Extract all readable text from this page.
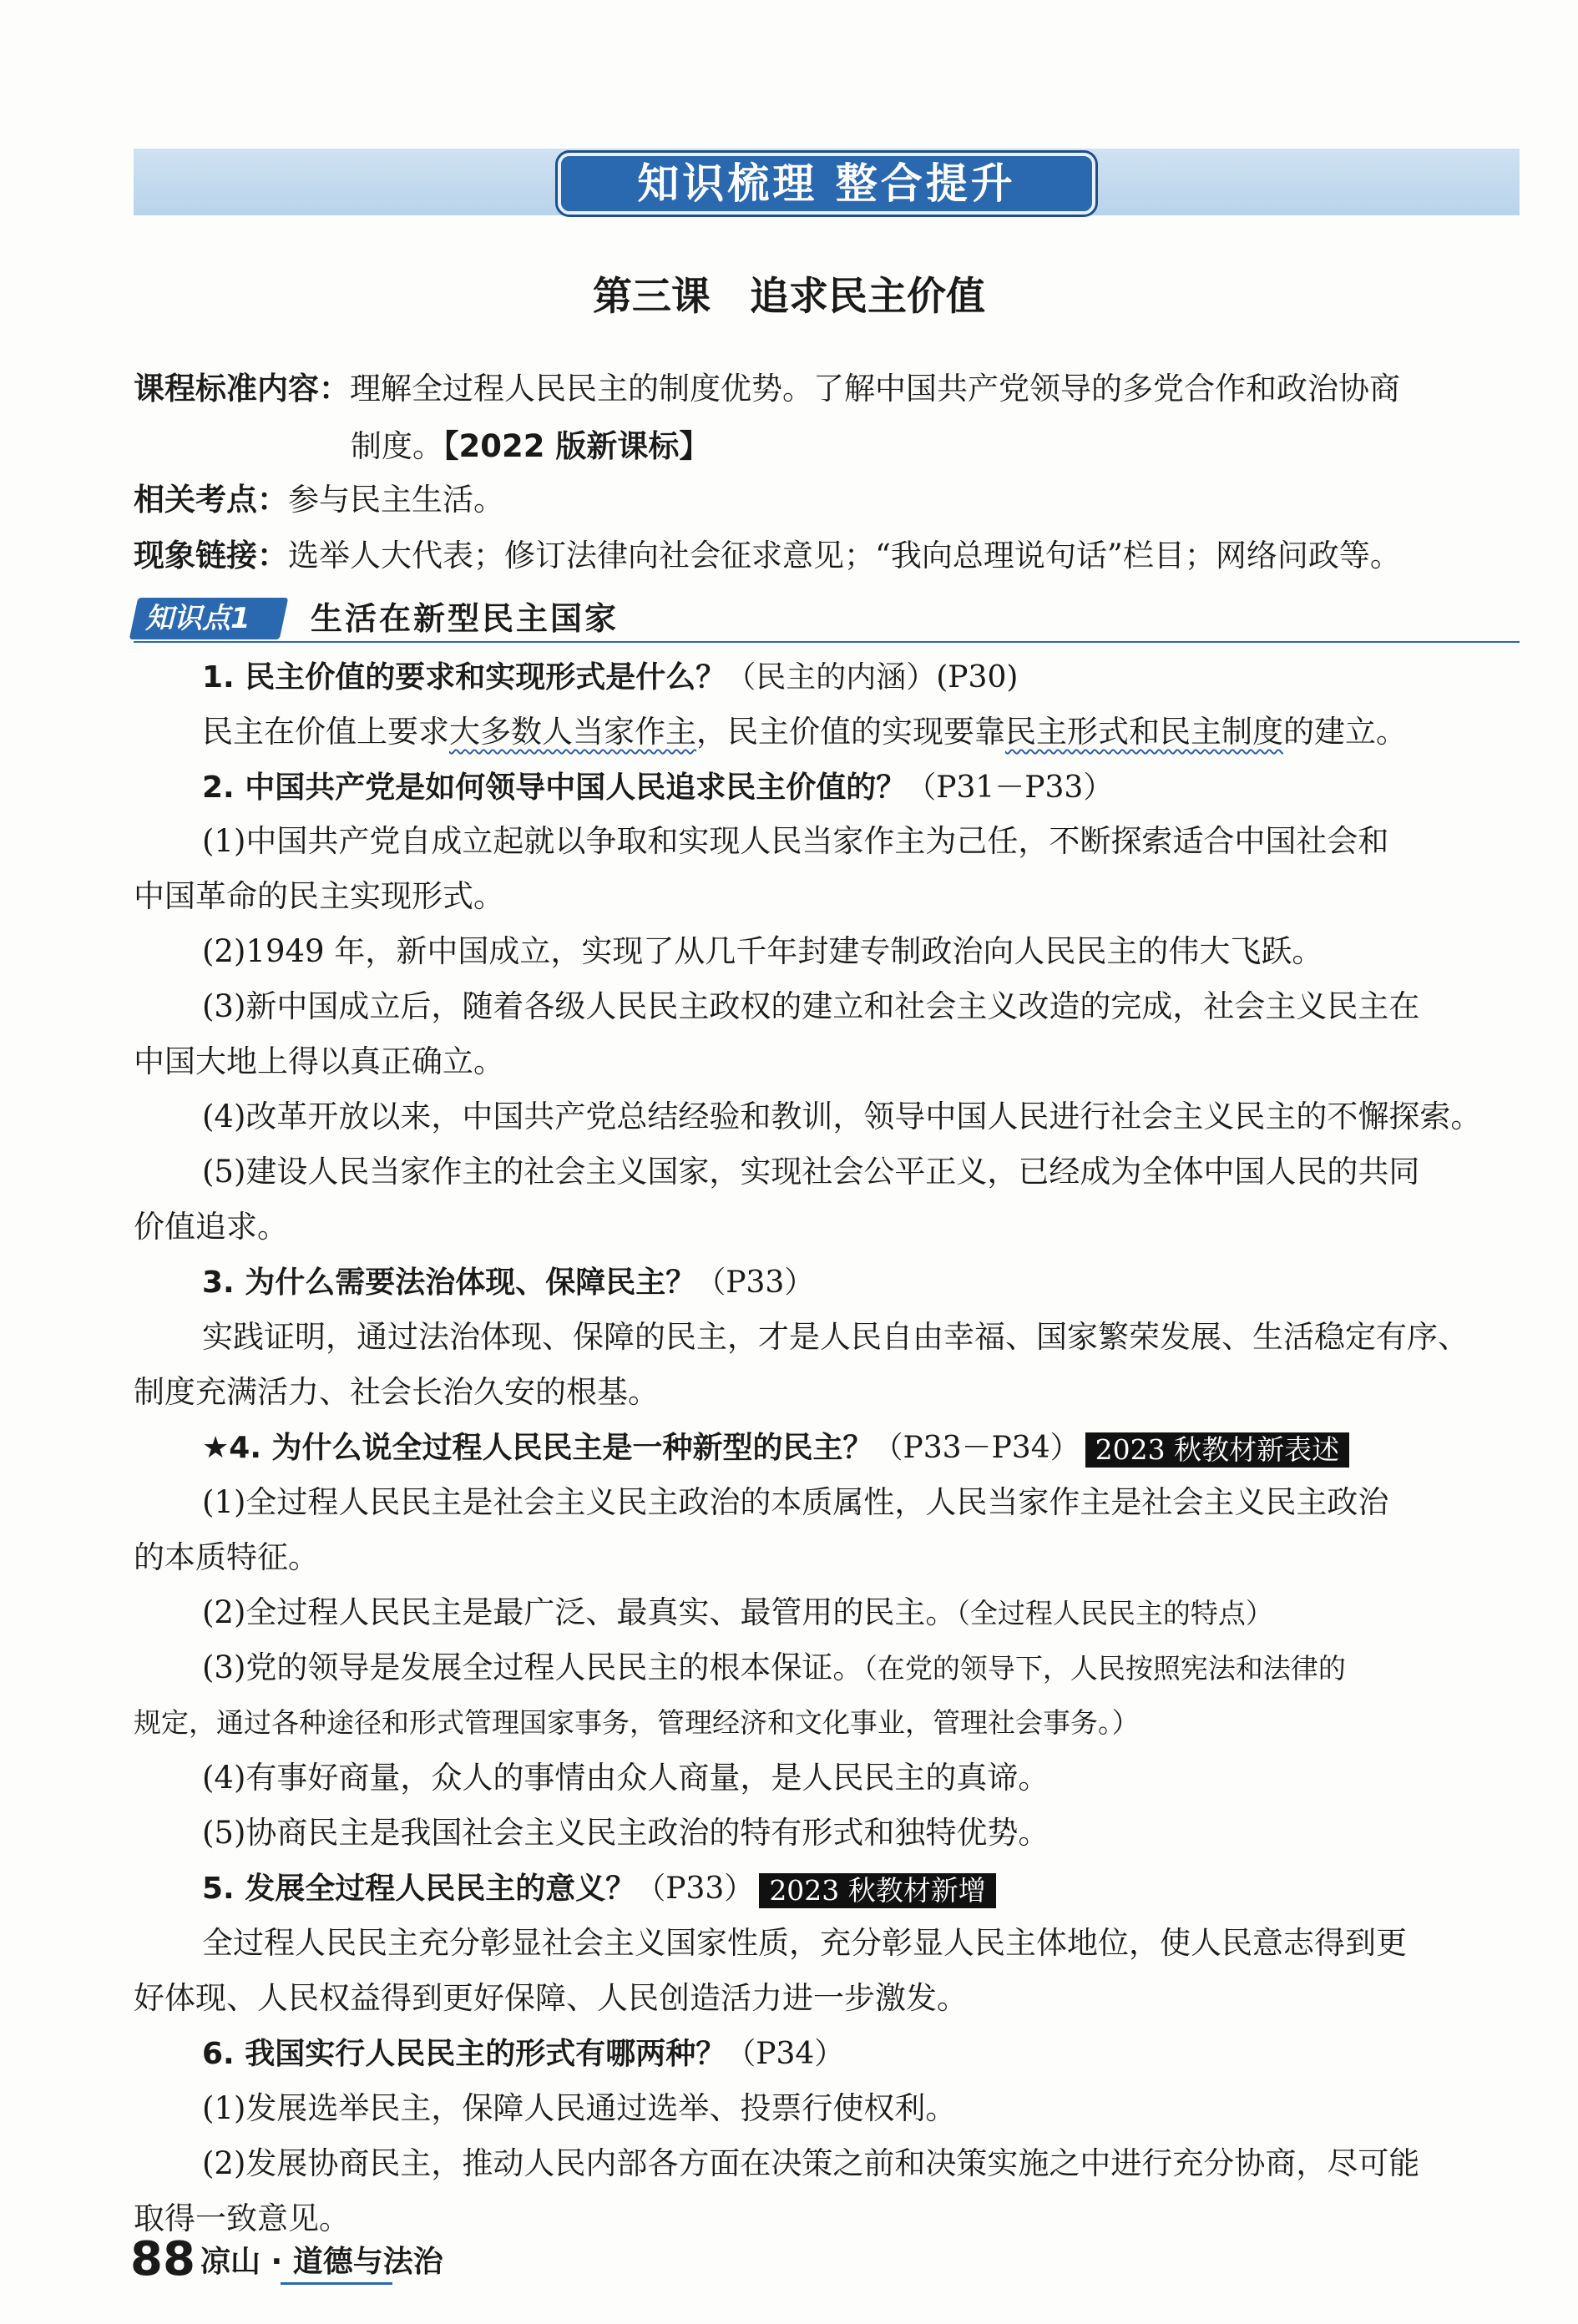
知识梳理 整合提升
第三课　追求民主价值
课程标准内容：理解全过程人民民主的制度优势。了解中国共产党领导的多党合作和政治协商
制度。【2022 版新课标】
相关考点：参与民主生活。
现象链接：选举人大代表；修订法律向社会征求意见；“我向总理说句话”栏目；网络问政等。
知识点1	生活在新型民主国家
1. 民主价值的要求和实现形式是什么？（民主的内涵）(P30)
民主在价值上要求大多数人当家作主，民主价值的实现要靠民主形式和民主制度的建立。
2. 中国共产党是如何领导中国人民追求民主价值的？（P31－P33）
(1)中国共产党自成立起就以争取和实现人民当家作主为己任，不断探索适合中国社会和
中国革命的民主实现形式。
(2)1949 年，新中国成立，实现了从几千年封建专制政治向人民民主的伟大飞跃。
(3)新中国成立后，随着各级人民民主政权的建立和社会主义改造的完成，社会主义民主在
中国大地上得以真正确立。
(4)改革开放以来，中国共产党总结经验和教训，领导中国人民进行社会主义民主的不懈探索。
(5)建设人民当家作主的社会主义国家，实现社会公平正义，已经成为全体中国人民的共同
价值追求。
3. 为什么需要法治体现、保障民主？（P33）
实践证明，通过法治体现、保障的民主，才是人民自由幸福、国家繁荣发展、生活稳定有序、
制度充满活力、社会长治久安的根基。
★4. 为什么说全过程人民民主是一种新型的民主？（P33－P34） 2023 秋教材新表述
(1)全过程人民民主是社会主义民主政治的本质属性，人民当家作主是社会主义民主政治
的本质特征。
(2)全过程人民民主是最广泛、最真实、最管用的民主。（全过程人民民主的特点）
(3)党的领导是发展全过程人民民主的根本保证。（在党的领导下，人民按照宪法和法律的
规定，通过各种途径和形式管理国家事务，管理经济和文化事业，管理社会事务。）
(4)有事好商量，众人的事情由众人商量，是人民民主的真谛。
(5)协商民主是我国社会主义民主政治的特有形式和独特优势。
5. 发展全过程人民民主的意义？（P33） 2023 秋教材新增
全过程人民民主充分彰显社会主义国家性质，充分彰显人民主体地位，使人民意志得到更
好体现、人民权益得到更好保障、人民创造活力进一步激发。
6. 我国实行人民民主的形式有哪两种？（P34）
(1)发展选举民主，保障人民通过选举、投票行使权利。
(2)发展协商民主，推动人民内部各方面在决策之前和决策实施之中进行充分协商，尽可能
取得一致意见。
88 凉山 · 道德与法治
